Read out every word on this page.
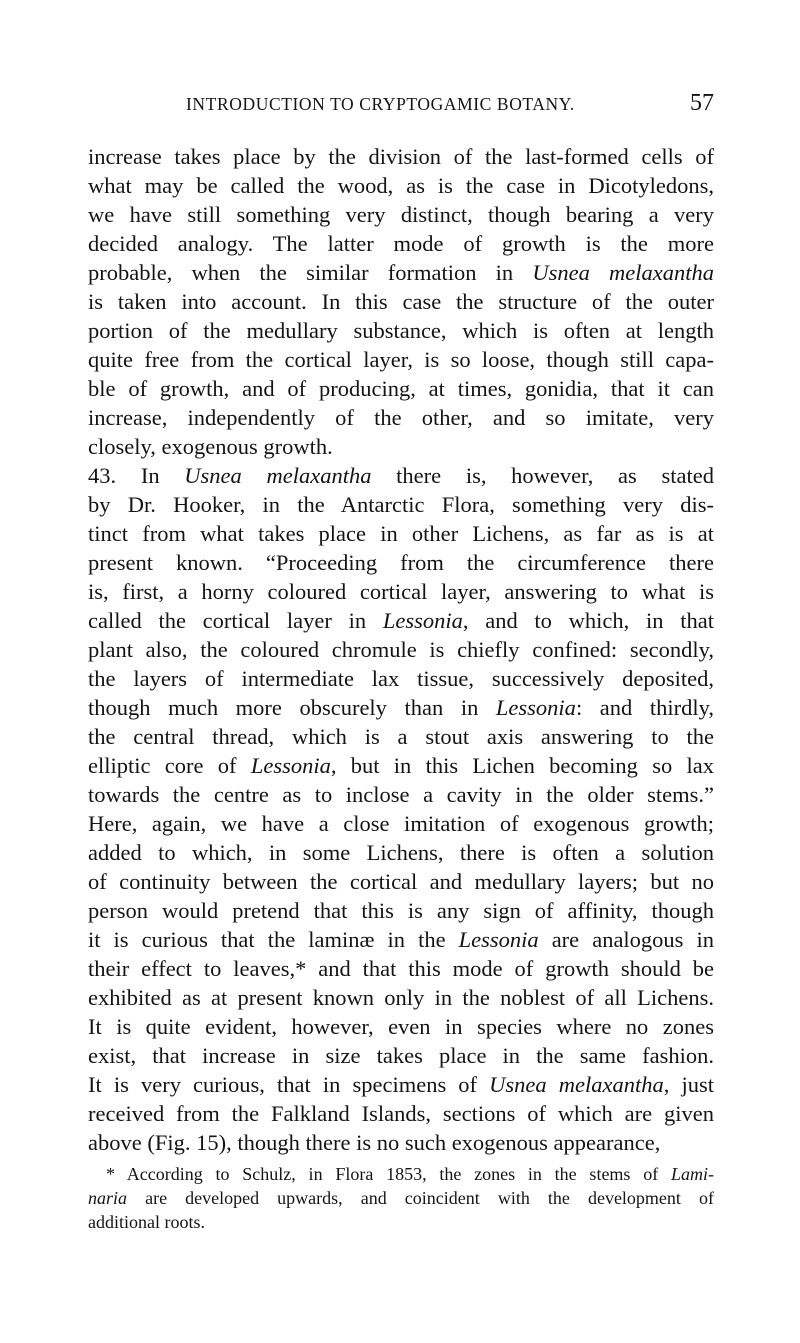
INTRODUCTION TO CRYPTOGAMIC BOTANY.	57
increase takes place by the division of the last-formed cells of
what may be called the wood, as is the case in Dicotyledons,
we have still something very distinct, though bearing a very
decided analogy. The latter mode of growth is the more
probable, when the similar formation in Usnea melaxantha
is taken into account. In this case the structure of the outer
portion of the medullary substance, which is often at length
quite free from the cortical layer, is so loose, though still capa-
ble of growth, and of producing, at times, gonidia, that it can
increase, independently of the other, and so imitate, very
closely, exogenous growth.
43. In Usnea melaxantha there is, however, as stated
by Dr. Hooker, in the Antarctic Flora, something very dis-
tinct from what takes place in other Lichens, as far as is at
present known. “Proceeding from the circumference there
is, first, a horny coloured cortical layer, answering to what is
called the cortical layer in Lessonia, and to which, in that
plant also, the coloured chromule is chiefly confined: secondly,
the layers of intermediate lax tissue, successively deposited,
though much more obscurely than in Lessonia: and thirdly,
the central thread, which is a stout axis answering to the
elliptic core of Lessonia, but in this Lichen becoming so lax
towards the centre as to inclose a cavity in the older stems.”
Here, again, we have a close imitation of exogenous growth;
added to which, in some Lichens, there is often a solution
of continuity between the cortical and medullary layers; but no
person would pretend that this is any sign of affinity, though
it is curious that the laminæ in the Lessonia are analogous in
their effect to leaves,* and that this mode of growth should be
exhibited as at present known only in the noblest of all Lichens.
It is quite evident, however, even in species where no zones
exist, that increase in size takes place in the same fashion.
It is very curious, that in specimens of Usnea melaxantha, just
received from the Falkland Islands, sections of which are given
above (Fig. 15), though there is no such exogenous appearance,
* According to Schulz, in Flora 1853, the zones in the stems of Lami-
naria are developed upwards, and coincident with the development of
additional roots.
